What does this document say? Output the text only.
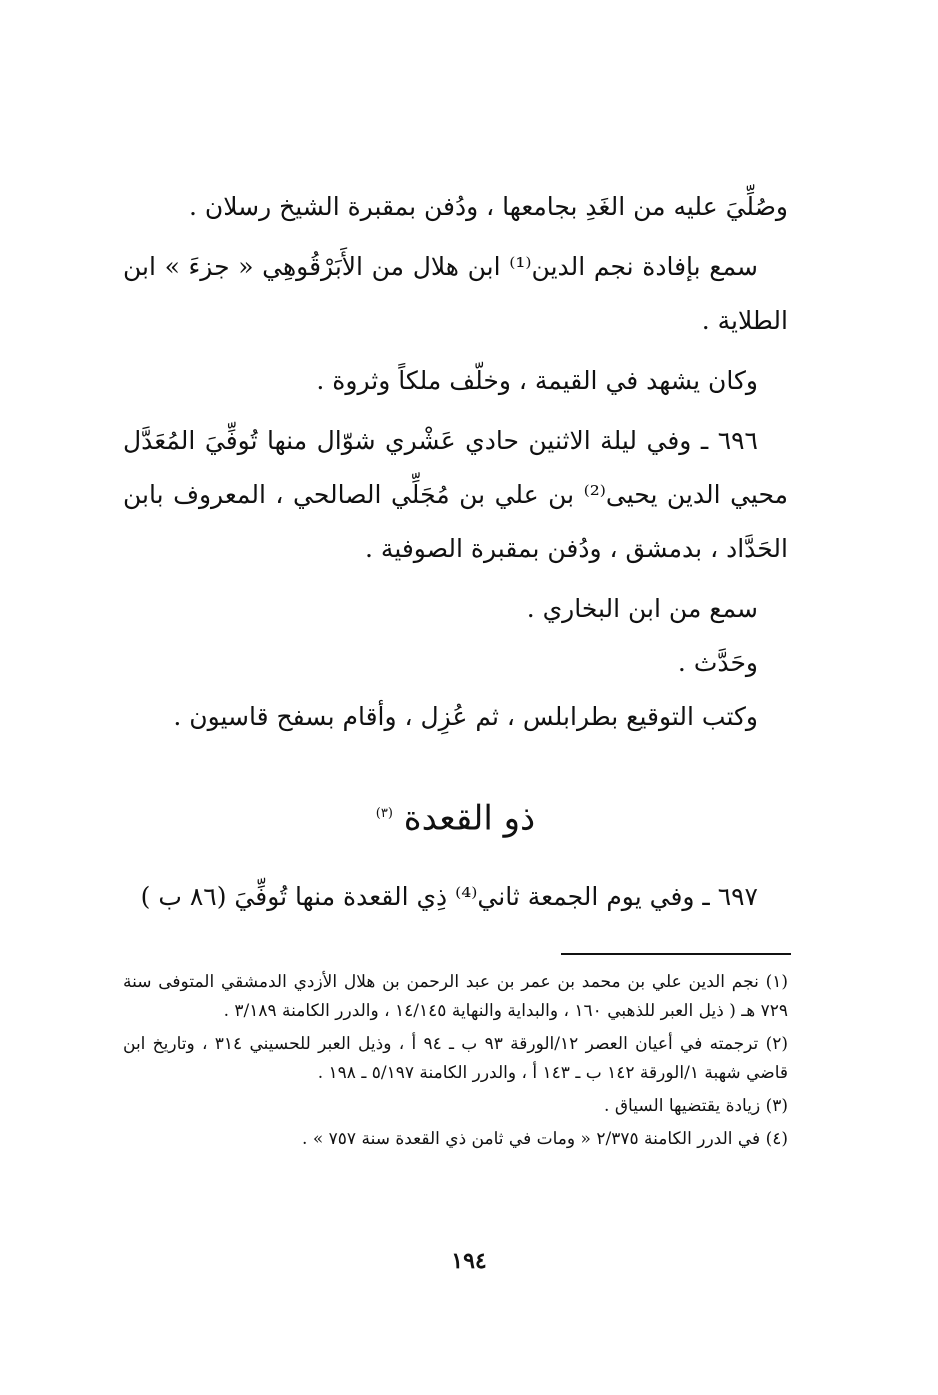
وصُلِّيَ عليه من الغَدِ بجامعها ، ودُفن بمقبرة الشيخ رسلان .

سمع بإفادة نجم الدين⁽¹⁾ ابن هلال من الأَبَرْقُوهِي « جزءَ » ابن الطلاية .

وكان يشهد في القيمة ، وخلّف ملكاً وثروة .

٦٩٦ ـ وفي ليلة الاثنين حادي عَشْري شوّال منها تُوفِّيَ المُعَدَّل محيي الدين يحيى⁽²⁾ بن علي بن مُجَلِّي الصالحي ، المعروف بابن الحَدَّاد ، بدمشق ، ودُفن بمقبرة الصوفية .

سمع من ابن البخاري .

وحَدَّث .

وكتب التوقيع بطرابلس ، ثم عُزِل ، وأقام بسفح قاسيون .

ذو القعدة $^{(٣)}$

٦٩٧ ـ وفي يوم الجمعة ثاني⁽⁴⁾ ذِي القعدة منها تُوفِّيَ (٨٦ ب )

(١) نجم الدين علي بن محمد بن عمر بن عبد الرحمن بن هلال الأزدي الدمشقي المتوفى سنة ٧٢٩ هـ ( ذيل العبر للذهبي ١٦٠ ، والبداية والنهاية ١٤/١٤٥ ، والدرر الكامنة ٣/١٨٩ .

(٢) ترجمته في أعيان العصر ١٢/الورقة ٩٣ ب ـ ٩٤ أ ، وذيل العبر للحسيني ٣١٤ ، وتاريخ ابن قاضي شهبة ١/الورقة ١٤٢ ب ـ ١٤٣ أ ، والدرر الكامنة ٥/١٩٧ ـ ١٩٨ .

(٣) زيادة يقتضيها السياق .

(٤) في الدرر الكامنة ٢/٣٧٥ « ومات في ثامن ذي القعدة سنة ٧٥٧ » .

١٩٤
